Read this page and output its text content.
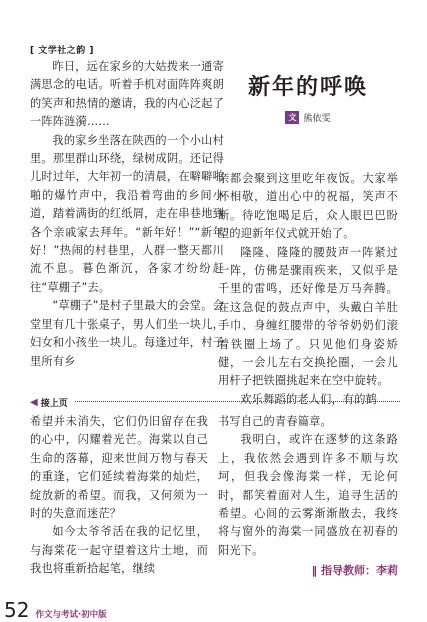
[ 文学社之韵 ]

昨日，远在家乡的大姑拨来一通寄满思念的电话。听着手机对面阵阵爽朗的笑声和热情的邀请，我的内心泛起了一阵阵涟漪……

我的家乡坐落在陕西的一个小山村里。那里群山环绕，绿树成阴。还记得儿时过年，大年初一的清晨，在噼噼啪啪的爆竹声中，我沿着弯曲的乡间小道，踏着满街的红纸屑，走在串巷地到各个亲戚家去拜年。“新年好！”“新年好！”热闹的村巷里，人群一整天都川流不息。暮色渐沉，各家才纷纷赶往“草棚子”去。

“草棚子”是村子里最大的会堂。会堂里有几十张桌子，男人们坐一块儿，妇女和小孩坐一块儿。每逢过年，村子里所有乡

新年的呼唤
文 熊依雯

亲都会聚到这里吃年夜饭。大家举杯相敬，道出心中的祝福，笑声不断。待吃饱喝足后，众人眼巴巴盼望的迎新年仪式就开始了。

隆隆、隆隆的腰鼓声一阵紧过一阵，仿佛是骤雨疾来，又似乎是千里的雷鸣，还好像是万马奔腾。在这急促的鼓点声中，头戴白羊肚手巾、身缠红腰带的爷爷奶奶们滚着铁圈上场了。只见他们身姿矫健，一会儿左右交换抡圈，一会儿用杆子把铁圈挑起来在空中旋转。

欢乐舞蹈的老人们，有的鹤

◀ 接上页

希望并未消失，它们仍旧留存在我的心中，闪耀着光芒。海棠以自己生命的落幕，迎来世间万物与春天的重逢，它们延续着海棠的灿烂，绽放新的希望。而我，又何须为一时的失意而迷茫？

如今太爷爷活在我的记忆里，与海棠花一起守望着这片土地，而我也将重新拾起笔，继续

书写自己的青春篇章。

我明白，或许在逐梦的这条路上，我依然会遇到许多不顺与坎坷，但我会像海棠一样，无论何时，都笑着面对人生，追寻生活的希望。心间的云雾渐渐散去，我终将与窗外的海棠一同盛放在初春的阳光下。

‖ 指导教师：李莉
52 作文与考试·初中版
